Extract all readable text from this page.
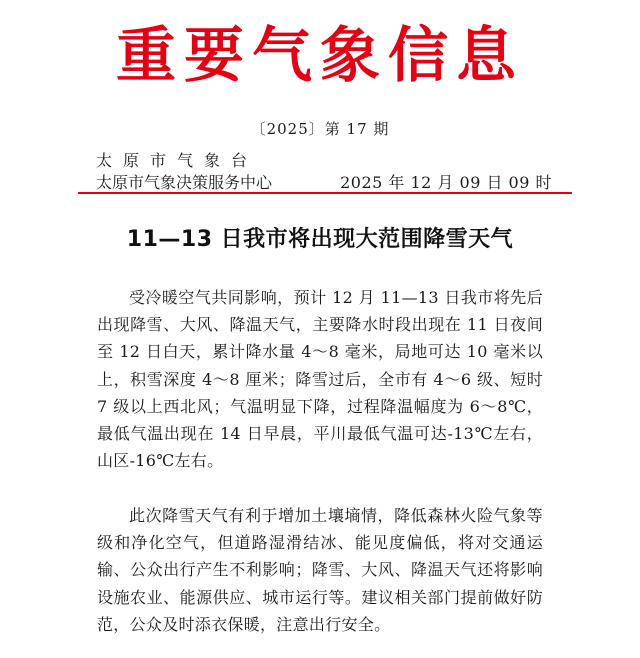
重要气象信息
〔2025〕第 17 期
太原市气象台
太原市气象决策服务中心	2025 年 12 月 09 日 09 时
11—13 日我市将出现大范围降雪天气

受冷暖空气共同影响，预计 12 月 11—13 日我市将先后出现降雪、大风、降温天气，主要降水时段出现在 11 日夜间至 12 日白天，累计降水量 4～8 毫米，局地可达 10 毫米以上，积雪深度 4～8 厘米；降雪过后，全市有 4～6 级、短时 7 级以上西北风；气温明显下降，过程降温幅度为 6～8℃，最低气温出现在 14 日早晨，平川最低气温可达-13℃左右，山区-16℃左右。

此次降雪天气有利于增加土壤墒情，降低森林火险气象等级和净化空气，但道路湿滑结冰、能见度偏低，将对交通运输、公众出行产生不利影响；降雪、大风、降温天气还将影响设施农业、能源供应、城市运行等。建议相关部门提前做好防范，公众及时添衣保暖，注意出行安全。
